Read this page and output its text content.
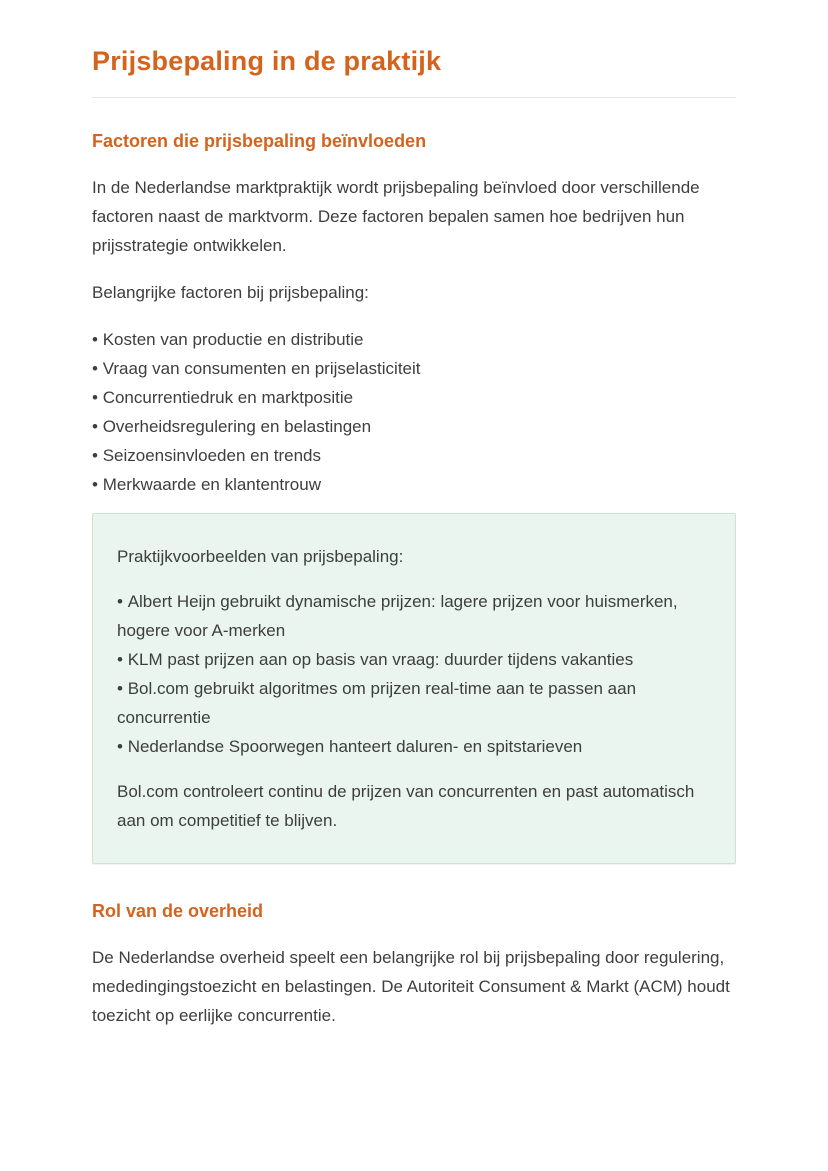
Prijsbepaling in de praktijk
Factoren die prijsbepaling beïnvloeden

In de Nederlandse marktpraktijk wordt prijsbepaling beïnvloed door verschillende factoren naast de marktvorm. Deze factoren bepalen samen hoe bedrijven hun prijsstrategie ontwikkelen.

Belangrijke factoren bij prijsbepaling:

• Kosten van productie en distributie
• Vraag van consumenten en prijselasticiteit
• Concurrentiedruk en marktpositie
• Overheidsregulering en belastingen
• Seizoensinvloeden en trends
• Merkwaarde en klantentrouw

Praktijkvoorbeelden van prijsbepaling:

• Albert Heijn gebruikt dynamische prijzen: lagere prijzen voor huismerken, hogere voor A-merken
• KLM past prijzen aan op basis van vraag: duurder tijdens vakanties
• Bol.com gebruikt algoritmes om prijzen real-time aan te passen aan concurrentie
• Nederlandse Spoorwegen hanteert daluren- en spitstarieven

Bol.com controleert continu de prijzen van concurrenten en past automatisch aan om competitief te blijven.

Rol van de overheid

De Nederlandse overheid speelt een belangrijke rol bij prijsbepaling door regulering, mededingingstoezicht en belastingen. De Autoriteit Consument & Markt (ACM) houdt toezicht op eerlijke concurrentie.
